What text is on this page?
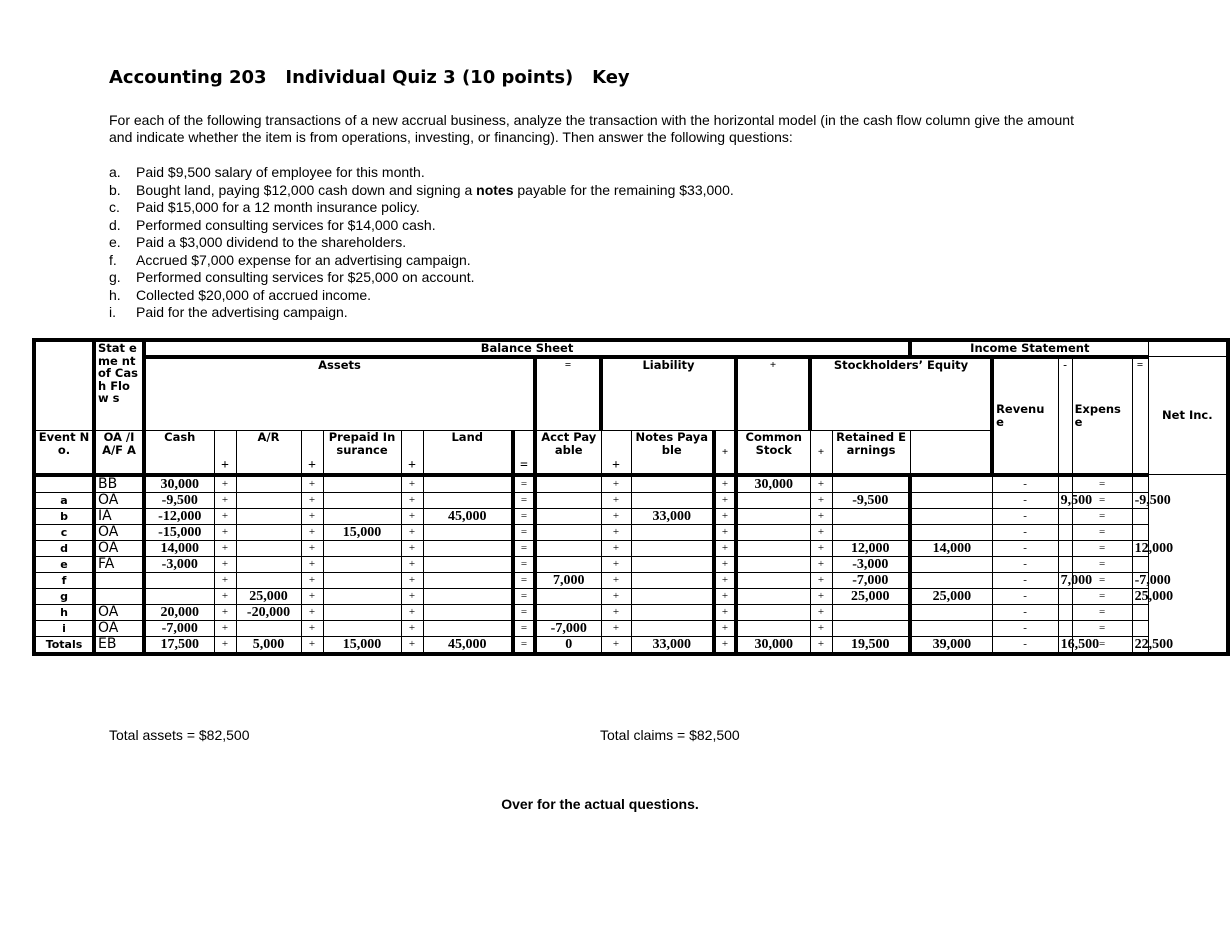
Accounting 203   Individual Quiz 3 (10 points)   Key
For each of the following transactions of a new accrual business, analyze the transaction with the horizontal model (in the cash flow column give the amount and indicate whether the item is from operations, investing, or financing). Then answer the following questions:
a.	Paid $9,500 salary of employee for this month.
b.	Bought land, paying $12,000 cash down and signing a notes payable for the remaining $33,000.
c.	Paid $15,000 for a 12 month insurance policy.
d.	Performed consulting services for $14,000 cash.
e.	Paid a $3,000 dividend to the shareholders.
f.	Accrued $7,000 expense for an advertising campaign.
g.	Performed consulting services for $25,000 on account.
h.	Collected $20,000 of accrued income.
i.	Paid for the advertising campaign.
	Stat eme nt of Cash Flow s	Balance Sheet															Income Statement					
		Assets								=	Liability			+	Stockholders’ Equity			Revenu e	-	Expens e	=	Net Inc.
Event No.	OA /IA/F A	Cash	+	A/R	+	Prepaid Insurance	+	Land	=	Acct Payable	+	Notes Payable	+	Common Stock	+	Retained Earnings						
	BB	30,000	+		+		+		=		+		+	30,000	+			-		=		
a	OA	-9,500	+		+		+		=		+		+		+	-9,500		-	9,500	=	-9,500	
b	IA	-12,000	+		+		+	45,000	=		+	33,000	+		+			-		=		
c	OA	-15,000	+		+	15,000	+		=		+		+		+			-		=		
d	OA	14,000	+		+		+		=		+		+		+	12,000	14,000	-		=	12,000	
e	FA	-3,000	+		+		+		=		+		+		+	-3,000		-		=		
f			+		+		+		=	7,000	+		+		+	-7,000		-	7,000	=	-7,000	
g			+	25,000	+		+		=		+		+		+	25,000	25,000	-		=	25,000	
h	OA	20,000	+	-20,000	+		+		=		+		+		+			-		=		
i	OA	-7,000	+		+		+		=	-7,000	+		+		+			-		=		
Totals	EB	17,500	+	5,000	+	15,000	+	45,000	=	0	+	33,000	+	30,000	+	19,500	39,000	-	16,500	=	22,500	
Total assets = $82,500	Total claims = $82,500
Over for the actual questions.
